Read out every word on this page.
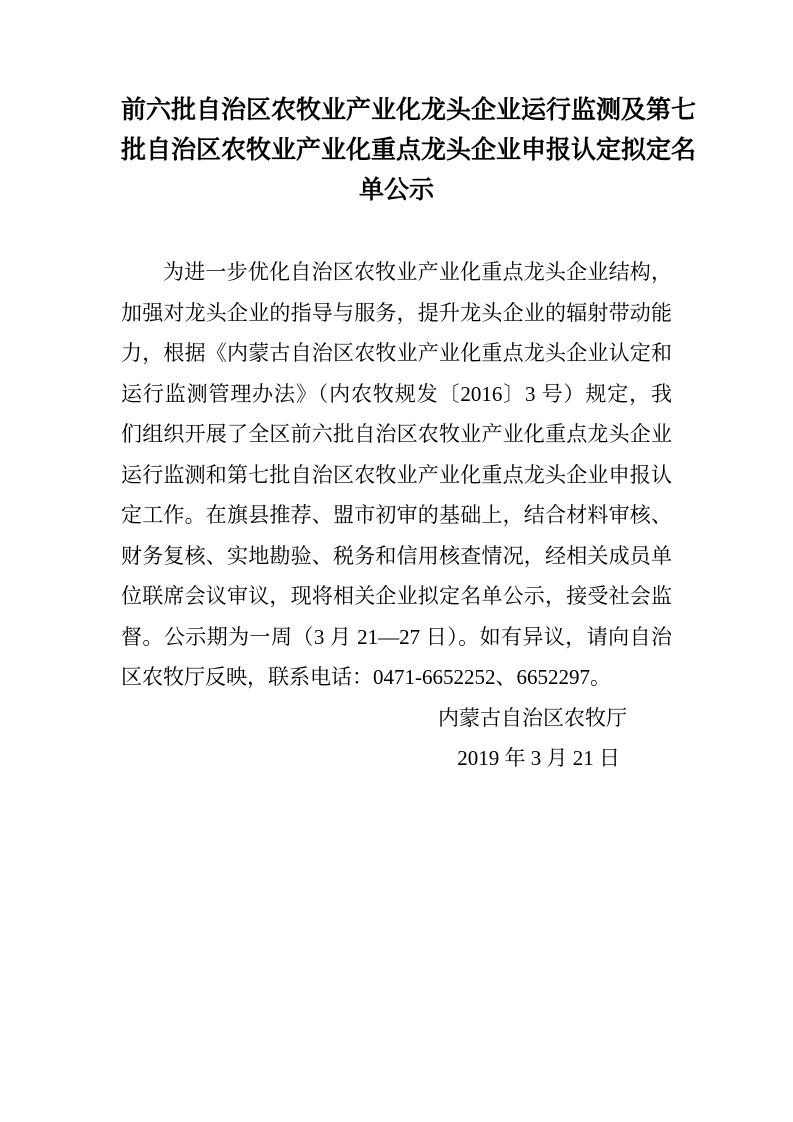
前六批自治区农牧业产业化龙头企业运行监测及第七
批自治区农牧业产业化重点龙头企业申报认定拟定名
单公示

为进一步优化自治区农牧业产业化重点龙头企业结构，加强对龙头企业的指导与服务，提升龙头企业的辐射带动能力，根据《内蒙古自治区农牧业产业化重点龙头企业认定和运行监测管理办法》（内农牧规发〔2016〕3 号）规定，我们组织开展了全区前六批自治区农牧业产业化重点龙头企业运行监测和第七批自治区农牧业产业化重点龙头企业申报认定工作。在旗县推荐、盟市初审的基础上，结合材料审核、财务复核、实地勘验、税务和信用核查情况，经相关成员单位联席会议审议，现将相关企业拟定名单公示，接受社会监督。公示期为一周（3 月 21—27 日）。如有异议，请向自治区农牧厅反映，联系电话：0471-6652252、6652297。

内蒙古自治区农牧厅
2019 年 3 月 21 日
